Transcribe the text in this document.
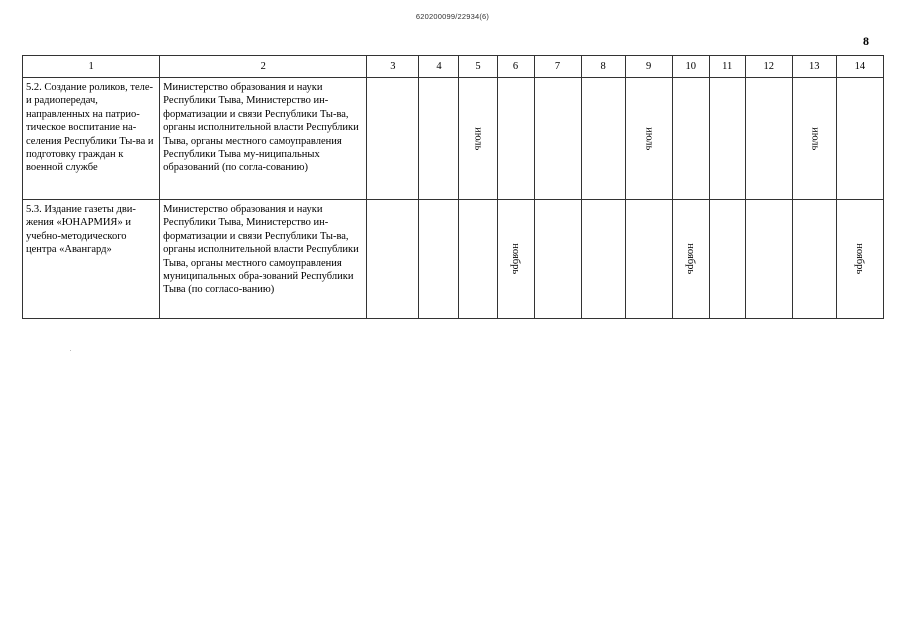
620200099/22934(6)
8
1	2	3	4	5	6	7	8	9	10	11	12	13	14
5.2. Создание роликов, теле- и радиопередач, направленных на патрио-тическое воспитание на-селения Республики Ты-ва и подготовку граждан к военной службе	Министерство образования и науки Республики Тыва, Министерство ин-форматизации и связи Республики Ты-ва, органы исполнительной власти Республики Тыва, органы местного самоуправления Республики Тыва му-ниципальных образований (по согла-сованию)			июль				июль				июль	
5.3. Издание газеты дви-жения «ЮНАРМИЯ» и учебно-методического центра «Авангард»	Министерство образования и науки Республики Тыва, Министерство ин-форматизации и связи Республики Ты-ва, органы исполнительной власти Республики Тыва, органы местного самоуправления муниципальных обра-зований Республики Тыва (по согласо-ванию)				ноябрь				ноябрь				ноябрь
